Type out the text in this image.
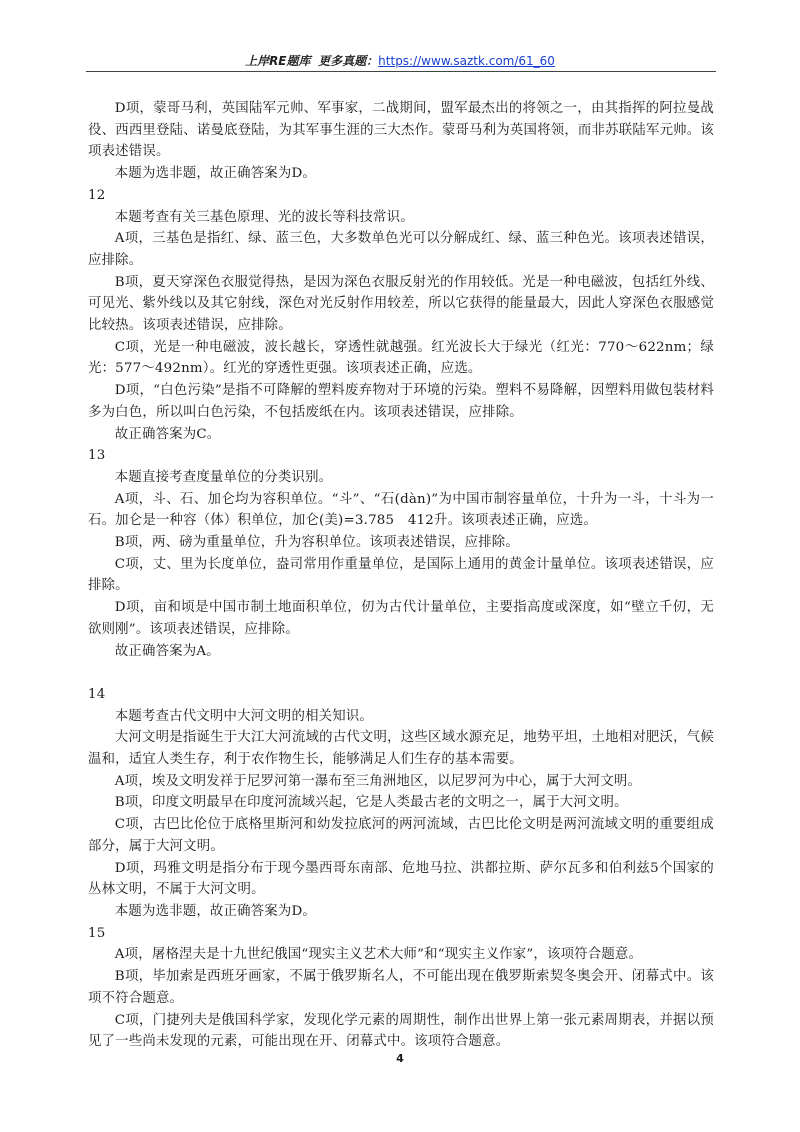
上岸RE题库 更多真题：https://www.saztk.com/61_60

D项，蒙哥马利，英国陆军元帅、军事家，二战期间，盟军最杰出的将领之一，由其指挥的阿拉曼战役、西西里登陆、诺曼底登陆，为其军事生涯的三大杰作。蒙哥马利为英国将领，而非苏联陆军元帅。该项表述错误。

本题为选非题，故正确答案为D。

12

本题考查有关三基色原理、光的波长等科技常识。

A项，三基色是指红、绿、蓝三色，大多数单色光可以分解成红、绿、蓝三种色光。该项表述错误，应排除。

B项，夏天穿深色衣服觉得热，是因为深色衣服反射光的作用较低。光是一种电磁波，包括红外线、可见光、紫外线以及其它射线，深色对光反射作用较差，所以它获得的能量最大，因此人穿深色衣服感觉比较热。该项表述错误，应排除。

C项，光是一种电磁波，波长越长，穿透性就越强。红光波长大于绿光（红光：770～622nm；绿光：577～492nm）。红光的穿透性更强。该项表述正确，应选。

D项，“白色污染”是指不可降解的塑料废弃物对于环境的污染。塑料不易降解，因塑料用做包装材料多为白色，所以叫白色污染，不包括废纸在内。该项表述错误，应排除。

故正确答案为C。

13

本题直接考查度量单位的分类识别。

A项，斗、石、加仑均为容积单位。“斗”、“石(dàn)”为中国市制容量单位，十升为一斗，十斗为一石。加仑是一种容（体）积单位，加仑(美)=3.785　412升。该项表述正确，应选。

B项，两、磅为重量单位，升为容积单位。该项表述错误，应排除。

C项，丈、里为长度单位，盎司常用作重量单位，是国际上通用的黄金计量单位。该项表述错误，应排除。

D项，亩和顷是中国市制土地面积单位，仞为古代计量单位，主要指高度或深度，如“壁立千仞，无欲则刚”。该项表述错误，应排除。

故正确答案为A。

14

本题考查古代文明中大河文明的相关知识。

大河文明是指诞生于大江大河流域的古代文明，这些区域水源充足，地势平坦，土地相对肥沃，气候温和，适宜人类生存，利于农作物生长，能够满足人们生存的基本需要。

A项，埃及文明发祥于尼罗河第一瀑布至三角洲地区，以尼罗河为中心，属于大河文明。

B项，印度文明最早在印度河流域兴起，它是人类最古老的文明之一，属于大河文明。

C项，古巴比伦位于底格里斯河和幼发拉底河的两河流域，古巴比伦文明是两河流域文明的重要组成部分，属于大河文明。

D项，玛雅文明是指分布于现今墨西哥东南部、危地马拉、洪都拉斯、萨尔瓦多和伯利兹5个国家的丛林文明，不属于大河文明。

本题为选非题，故正确答案为D。

15

A项，屠格涅夫是十九世纪俄国“现实主义艺术大师”和“现实主义作家”，该项符合题意。

B项，毕加索是西班牙画家，不属于俄罗斯名人，不可能出现在俄罗斯索契冬奥会开、闭幕式中。该项不符合题意。

C项，门捷列夫是俄国科学家，发现化学元素的周期性，制作出世界上第一张元素周期表，并据以预见了一些尚未发现的元素，可能出现在开、闭幕式中。该项符合题意。

4
